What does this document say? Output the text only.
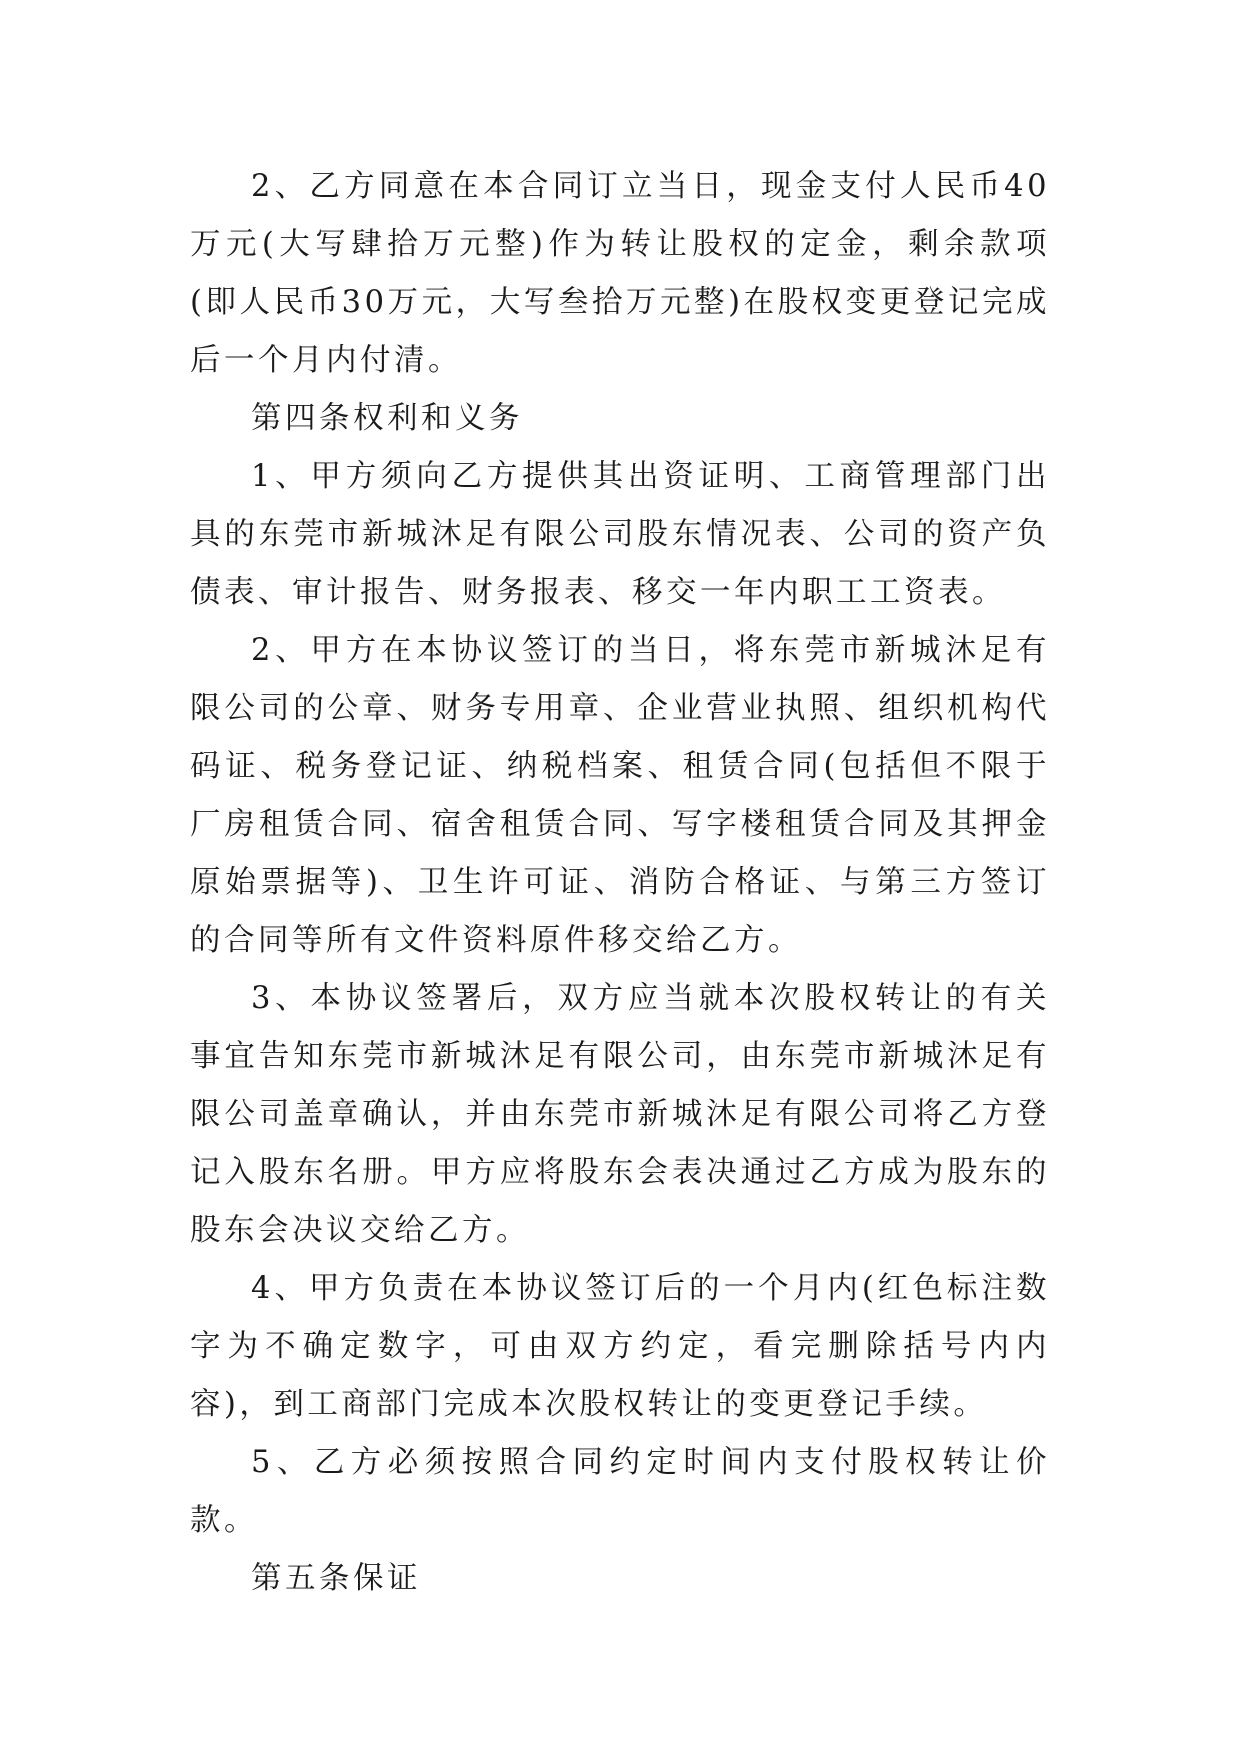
2、乙方同意在本合同订立当日，现金支付人民币40万元(大写肆拾万元整)作为转让股权的定金，剩余款项(即人民币30万元，大写叁拾万元整)在股权变更登记完成后一个月内付清。

第四条权利和义务

1、甲方须向乙方提供其出资证明、工商管理部门出具的东莞市新城沐足有限公司股东情况表、公司的资产负债表、审计报告、财务报表、移交一年内职工工资表。

2、甲方在本协议签订的当日，将东莞市新城沐足有限公司的公章、财务专用章、企业营业执照、组织机构代码证、税务登记证、纳税档案、租赁合同(包括但不限于厂房租赁合同、宿舍租赁合同、写字楼租赁合同及其押金原始票据等)、卫生许可证、消防合格证、与第三方签订的合同等所有文件资料原件移交给乙方。

3、本协议签署后，双方应当就本次股权转让的有关事宜告知东莞市新城沐足有限公司，由东莞市新城沐足有限公司盖章确认，并由东莞市新城沐足有限公司将乙方登记入股东名册。甲方应将股东会表决通过乙方成为股东的股东会决议交给乙方。

4、甲方负责在本协议签订后的一个月内(红色标注数字为不确定数字，可由双方约定，看完删除括号内内容)，到工商部门完成本次股权转让的变更登记手续。

5、乙方必须按照合同约定时间内支付股权转让价款。

第五条保证
